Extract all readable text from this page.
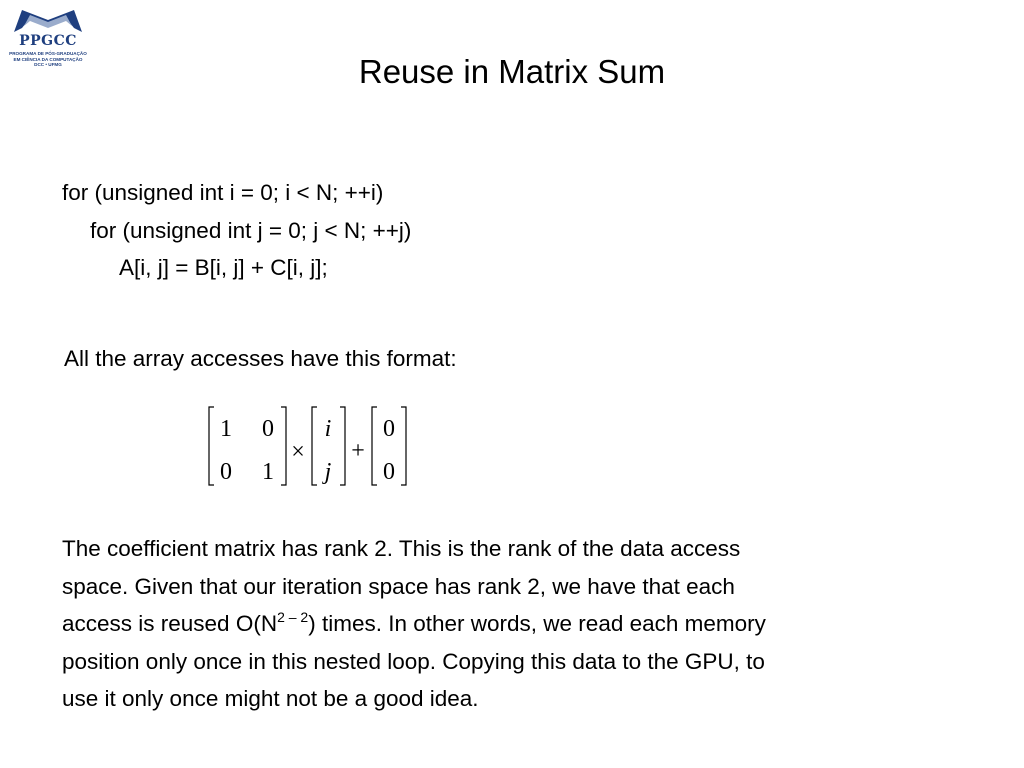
PPGCC
PROGRAMA DE PÓS-GRADUAÇÃO
EM CIÊNCIA DA COMPUTAÇÃO
DCC • UFMG	Reuse in Matrix Sum
for (unsigned int i = 0; i < N; ++i)
for (unsigned int j = 0; j < N; ++j)
A[i, j] = B[i, j] + C[i, j];
All the array accesses have this format:
1 0
0 1
×
i
j
+
0
0
The coefficient matrix has rank 2. This is the rank of the data access
space. Given that our iteration space has rank 2, we have that each
access is reused $O(N^{2 - 2})$ times. In other words, we read each memory
position only once in this nested loop. Copying this data to the GPU, to
use it only once might not be a good idea.
